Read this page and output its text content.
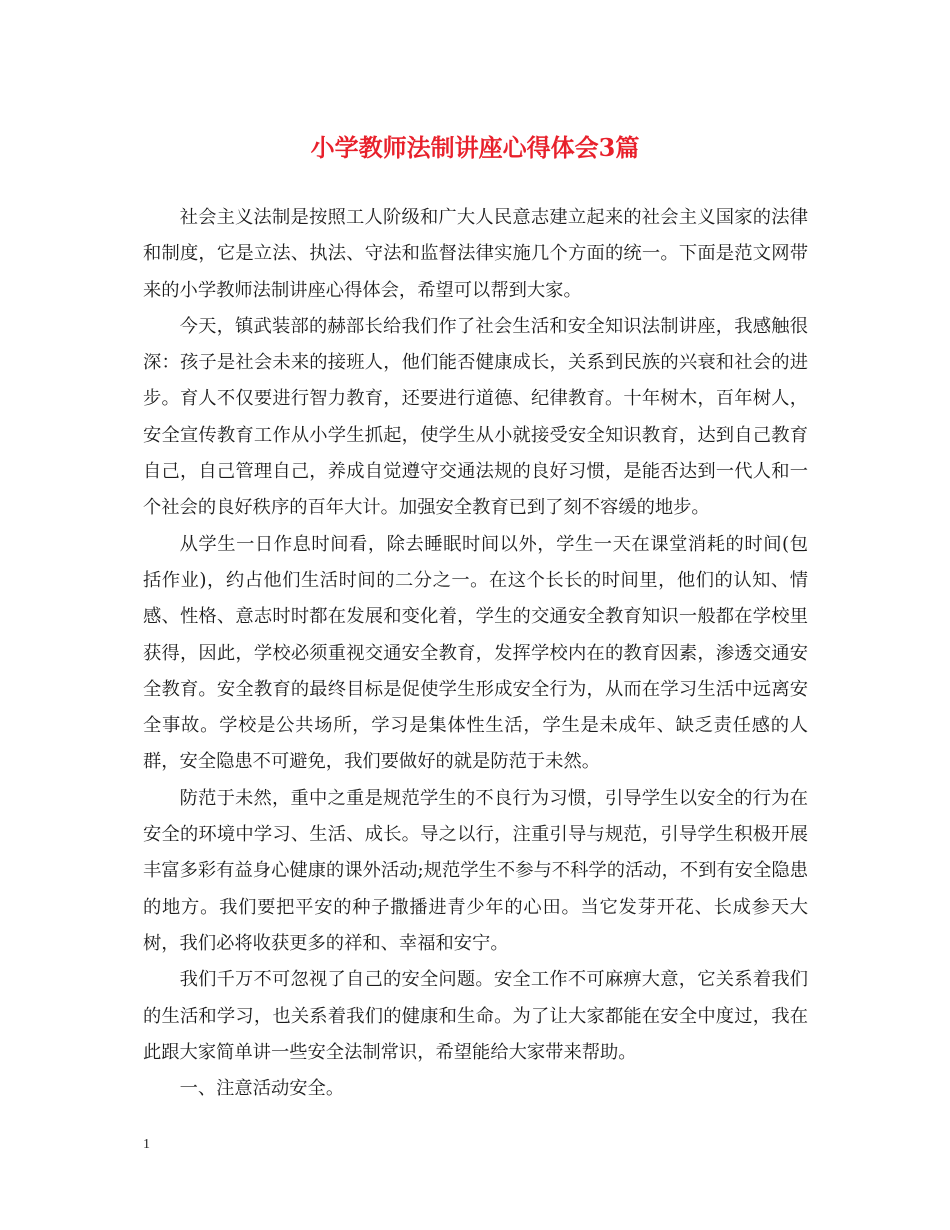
小学教师法制讲座心得体会3篇

社会主义法制是按照工人阶级和广大人民意志建立起来的社会主义国家的法律和制度，它是立法、执法、守法和监督法律实施几个方面的统一。下面是范文网带来的小学教师法制讲座心得体会，希望可以帮到大家。

今天，镇武装部的赫部长给我们作了社会生活和安全知识法制讲座，我感触很深：孩子是社会未来的接班人，他们能否健康成长，关系到民族的兴衰和社会的进步。育人不仅要进行智力教育，还要进行道德、纪律教育。十年树木，百年树人，安全宣传教育工作从小学生抓起，使学生从小就接受安全知识教育，达到自己教育自己，自己管理自己，养成自觉遵守交通法规的良好习惯，是能否达到一代人和一个社会的良好秩序的百年大计。加强安全教育已到了刻不容缓的地步。

从学生一日作息时间看，除去睡眠时间以外，学生一天在课堂消耗的时间(包括作业)，约占他们生活时间的二分之一。在这个长长的时间里，他们的认知、情感、性格、意志时时都在发展和变化着，学生的交通安全教育知识一般都在学校里获得，因此，学校必须重视交通安全教育，发挥学校内在的教育因素，渗透交通安全教育。安全教育的最终目标是促使学生形成安全行为，从而在学习生活中远离安全事故。学校是公共场所，学习是集体性生活，学生是未成年、缺乏责任感的人群，安全隐患不可避免，我们要做好的就是防范于未然。

防范于未然，重中之重是规范学生的不良行为习惯，引导学生以安全的行为在安全的环境中学习、生活、成长。导之以行，注重引导与规范，引导学生积极开展丰富多彩有益身心健康的课外活动;规范学生不参与不科学的活动，不到有安全隐患的地方。我们要把平安的种子撒播进青少年的心田。当它发芽开花、长成参天大树，我们必将收获更多的祥和、幸福和安宁。

我们千万不可忽视了自己的安全问题。安全工作不可麻痹大意，它关系着我们的生活和学习，也关系着我们的健康和生命。为了让大家都能在安全中度过，我在此跟大家简单讲一些安全法制常识，希望能给大家带来帮助。

一、注意活动安全。

1
